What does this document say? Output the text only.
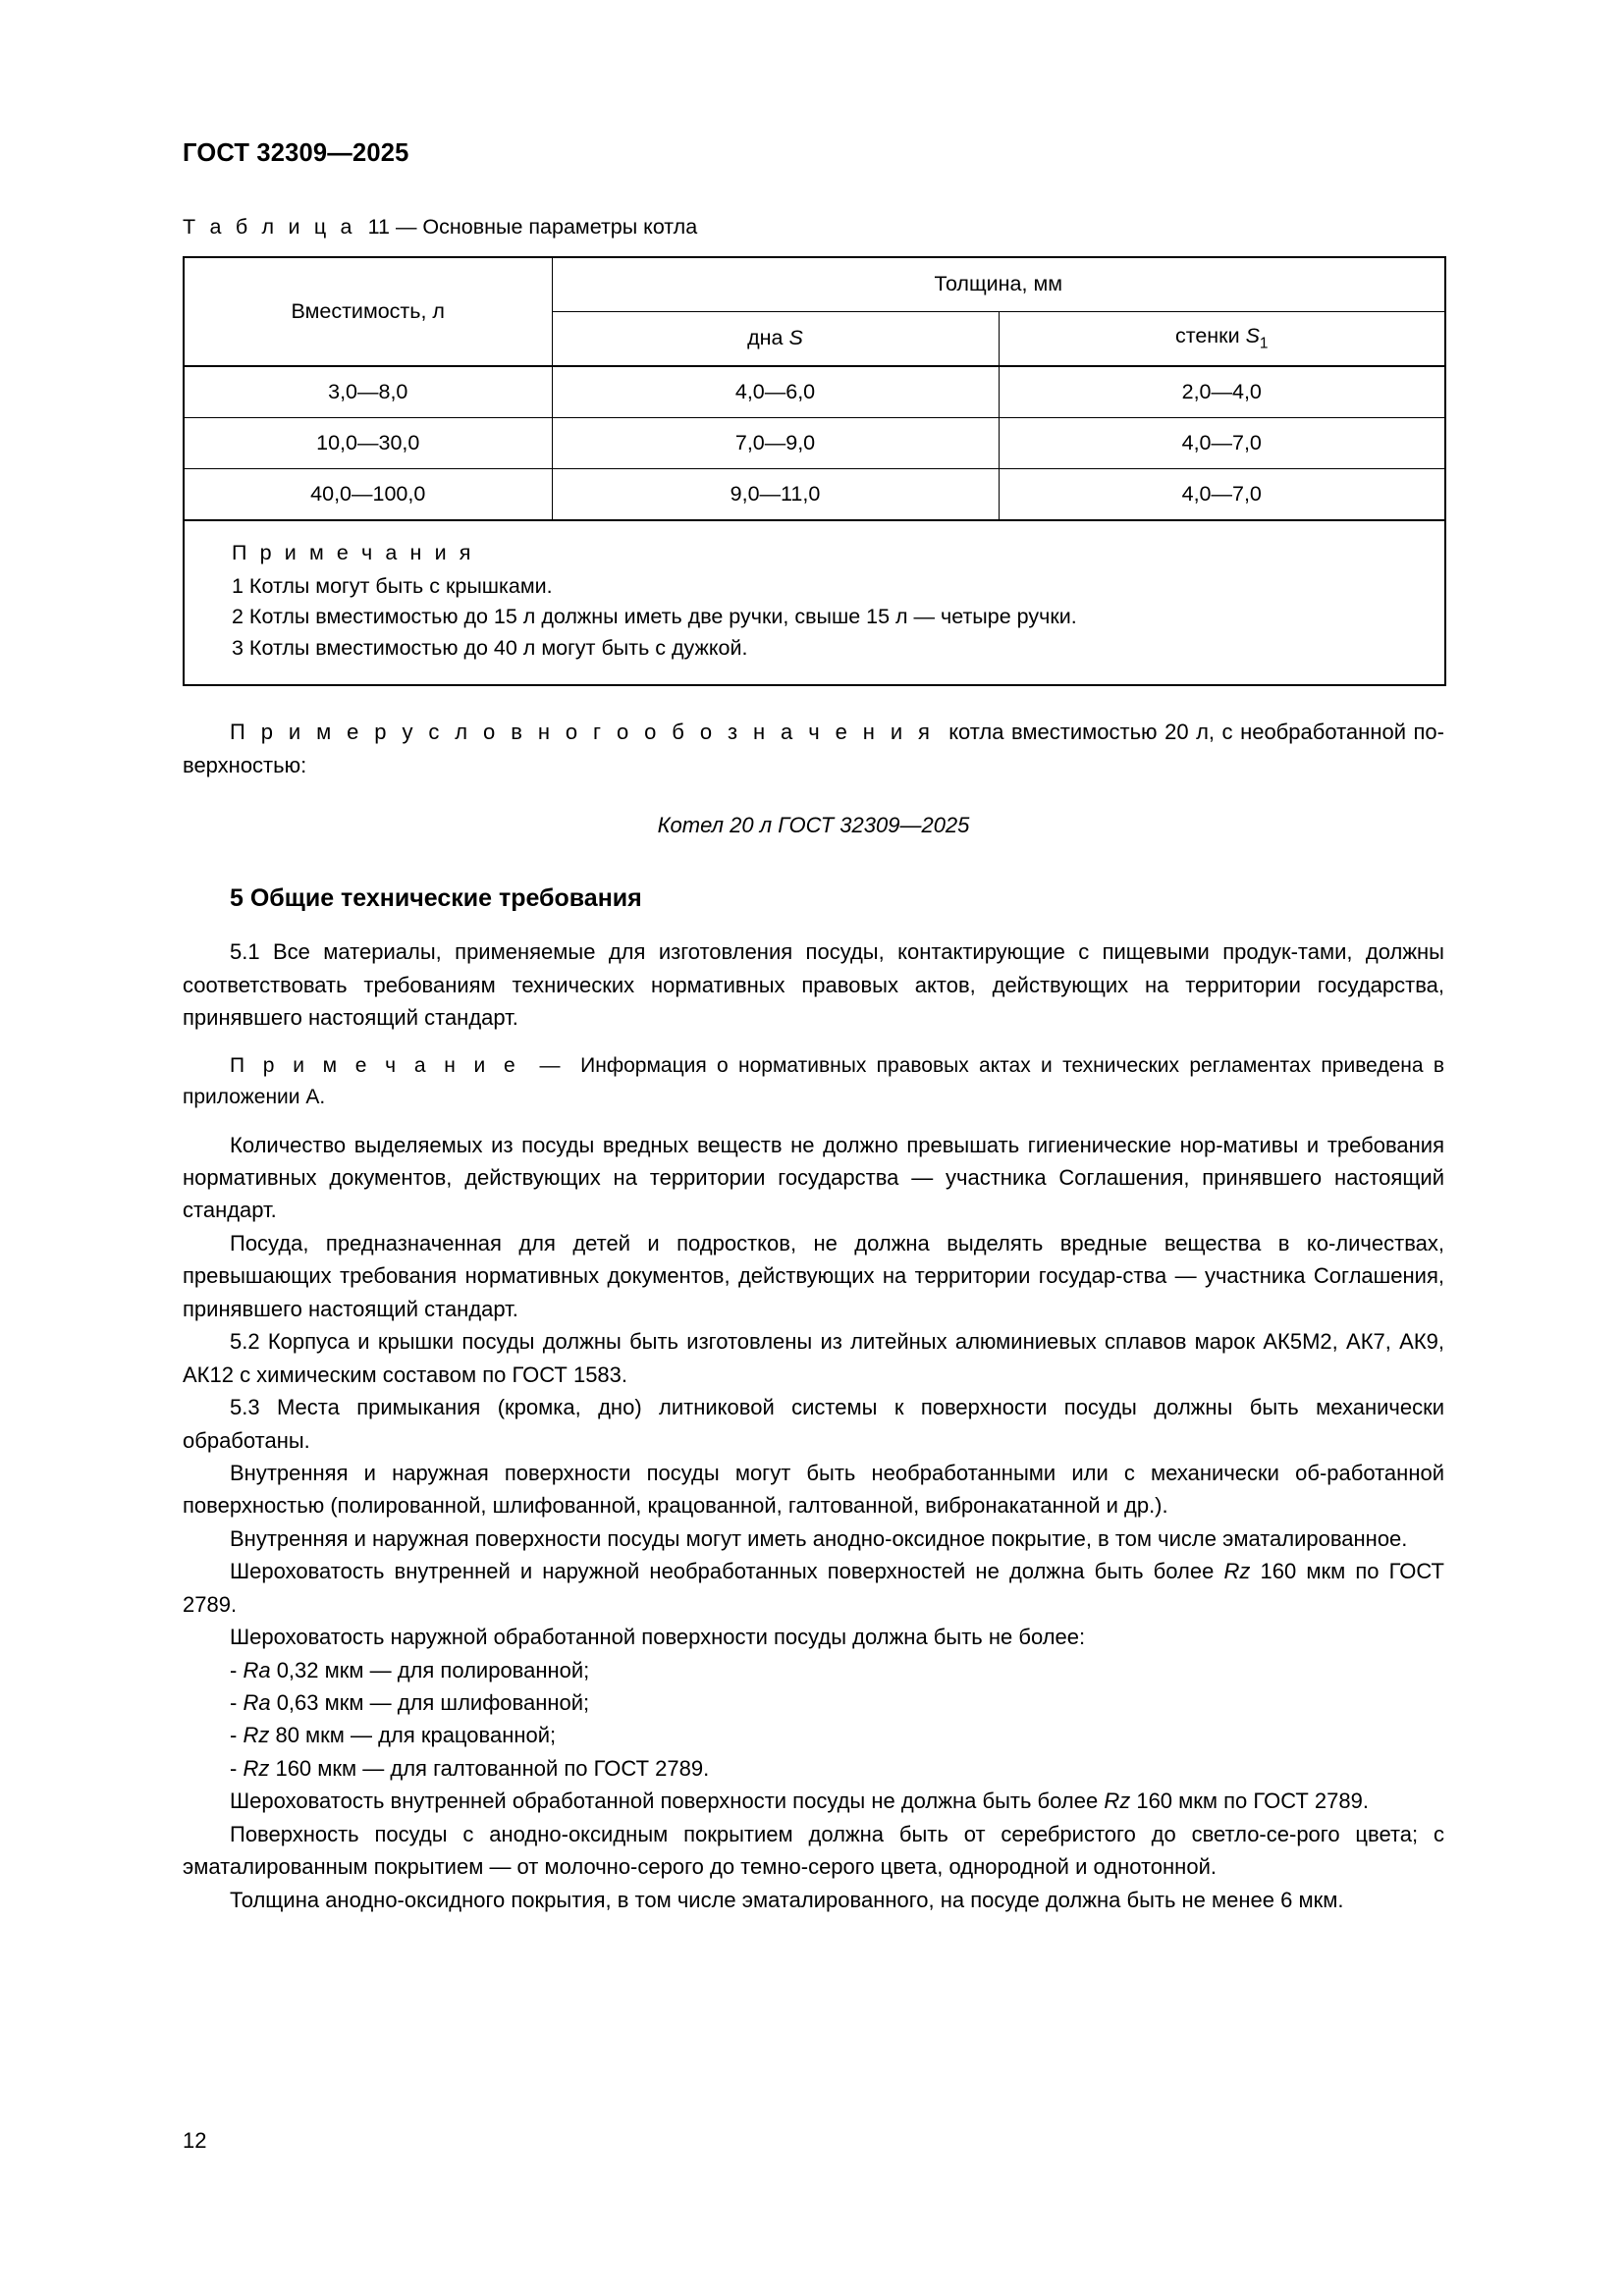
ГОСТ 32309—2025
Т а б л и ц а 11 — Основные параметры котла
Вместимость, л	Толщина, мм	
	дна S	стенки $S_1$
3,0—8,0	4,0—6,0	2,0—4,0
10,0—30,0	7,0—9,0	4,0—7,0
40,0—100,0	9,0—11,0	4,0—7,0

П р и м е ч а н и я
1 Котлы могут быть с крышками.
2 Котлы вместимостью до 15 л должны иметь две ручки, свыше 15 л — четыре ручки.
3 Котлы вместимостью до 40 л могут быть с дужкой.		

П р и м е р у с л о в н о г о о б о з н а ч е н и я котла вместимостью 20 л, с необработанной по-верхностью:

Котел 20 л ГОСТ 32309—2025

5 Общие технические требования

5.1 Все материалы, применяемые для изготовления посуды, контактирующие с пищевыми продук-тами, должны соответствовать требованиям технических нормативных правовых актов, действующих на территории государства, принявшего настоящий стандарт.

П р и м е ч а н и е — Информация о нормативных правовых актах и технических регламентах приведена в приложении А.

Количество выделяемых из посуды вредных веществ не должно превышать гигиенические нор-мативы и требования нормативных документов, действующих на территории государства — участника Соглашения, принявшего настоящий стандарт.

Посуда, предназначенная для детей и подростков, не должна выделять вредные вещества в ко-личествах, превышающих требования нормативных документов, действующих на территории государ-ства — участника Соглашения, принявшего настоящий стандарт.

5.2 Корпуса и крышки посуды должны быть изготовлены из литейных алюминиевых сплавов марок АК5М2, АК7, АК9, АК12 с химическим составом по ГОСТ 1583.

5.3 Места примыкания (кромка, дно) литниковой системы к поверхности посуды должны быть механически обработаны.

Внутренняя и наружная поверхности посуды могут быть необработанными или с механически об-работанной поверхностью (полированной, шлифованной, крацованной, галтованной, вибронакатанной и др.).

Внутренняя и наружная поверхности посуды могут иметь анодно-оксидное покрытие, в том числе эматалированное.

Шероховатость внутренней и наружной необработанных поверхностей не должна быть более Rz 160 мкм по ГОСТ 2789.

Шероховатость наружной обработанной поверхности посуды должна быть не более:

- Ra 0,32 мкм — для полированной;
- Ra 0,63 мкм — для шлифованной;
- Rz 80 мкм — для крацованной;
- Rz 160 мкм — для галтованной по ГОСТ 2789.

Шероховатость внутренней обработанной поверхности посуды не должна быть более Rz 160 мкм по ГОСТ 2789.

Поверхность посуды с анодно-оксидным покрытием должна быть от серебристого до светло-се-рого цвета; с эматалированным покрытием — от молочно-серого до темно-серого цвета, однородной и однотонной.

Толщина анодно-оксидного покрытия, в том числе эматалированного, на посуде должна быть не менее 6 мкм.

12
